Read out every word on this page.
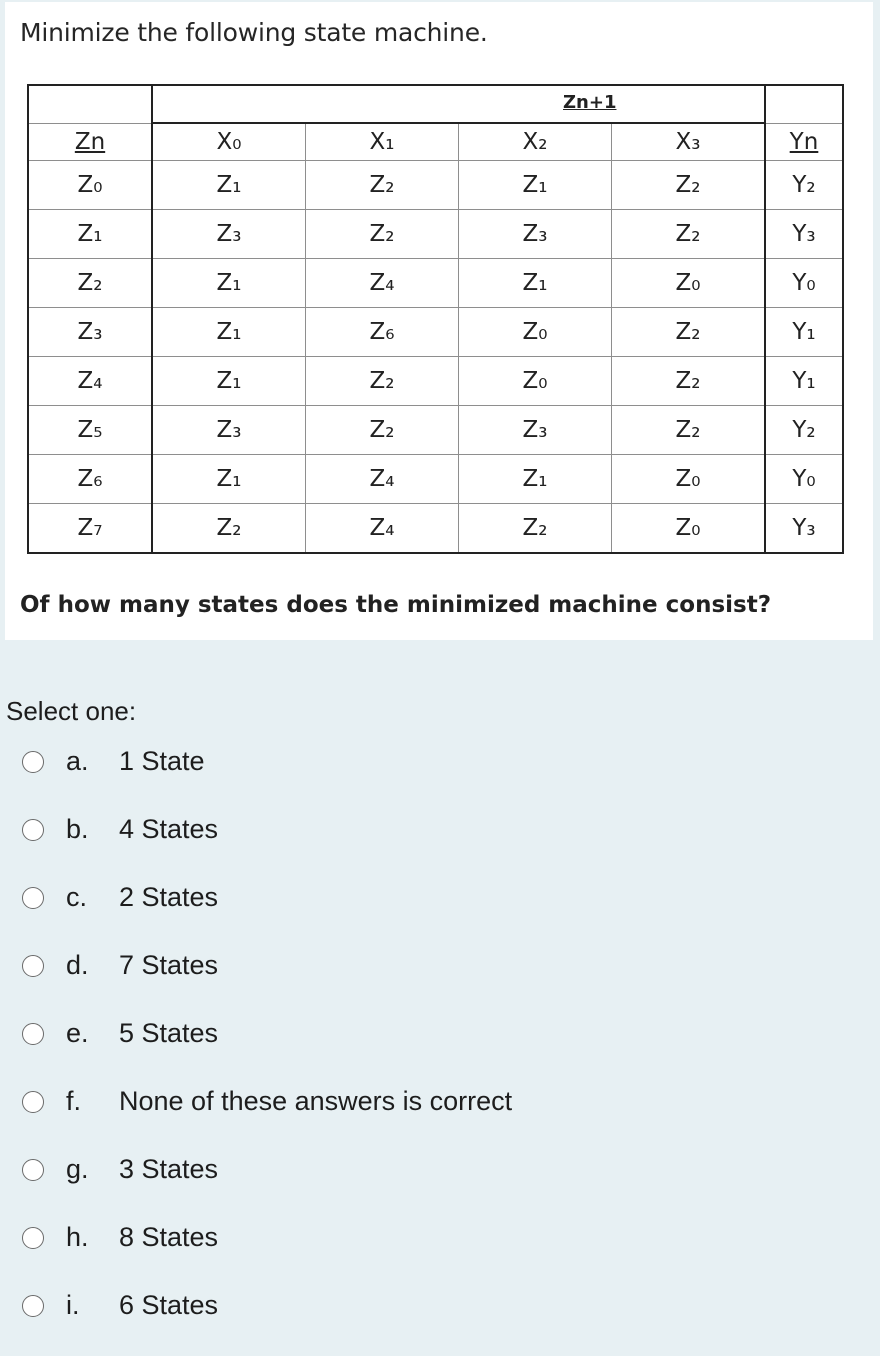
Minimize the following state machine.

	Zn+1				

Zn	X₀	X₁	X₂	X₃	Yn
Z₀	Z₁	Z₂	Z₁	Z₂	Y₂
Z₁	Z₃	Z₂	Z₃	Z₂	Y₃
Z₂	Z₁	Z₄	Z₁	Z₀	Y₀
Z₃	Z₁	Z₆	Z₀	Z₂	Y₁
Z₄	Z₁	Z₂	Z₀	Z₂	Y₁
Z₅	Z₃	Z₂	Z₃	Z₂	Y₂
Z₆	Z₁	Z₄	Z₁	Z₀	Y₀
Z₇	Z₂	Z₄	Z₂	Z₀	Y₃
Of how many states does the minimized machine consist?
Select one:
a. 1 State
b. 4 States
c. 2 States
d. 7 States
e. 5 States
f. None of these answers is correct
g. 3 States
h. 8 States
i. 6 States
